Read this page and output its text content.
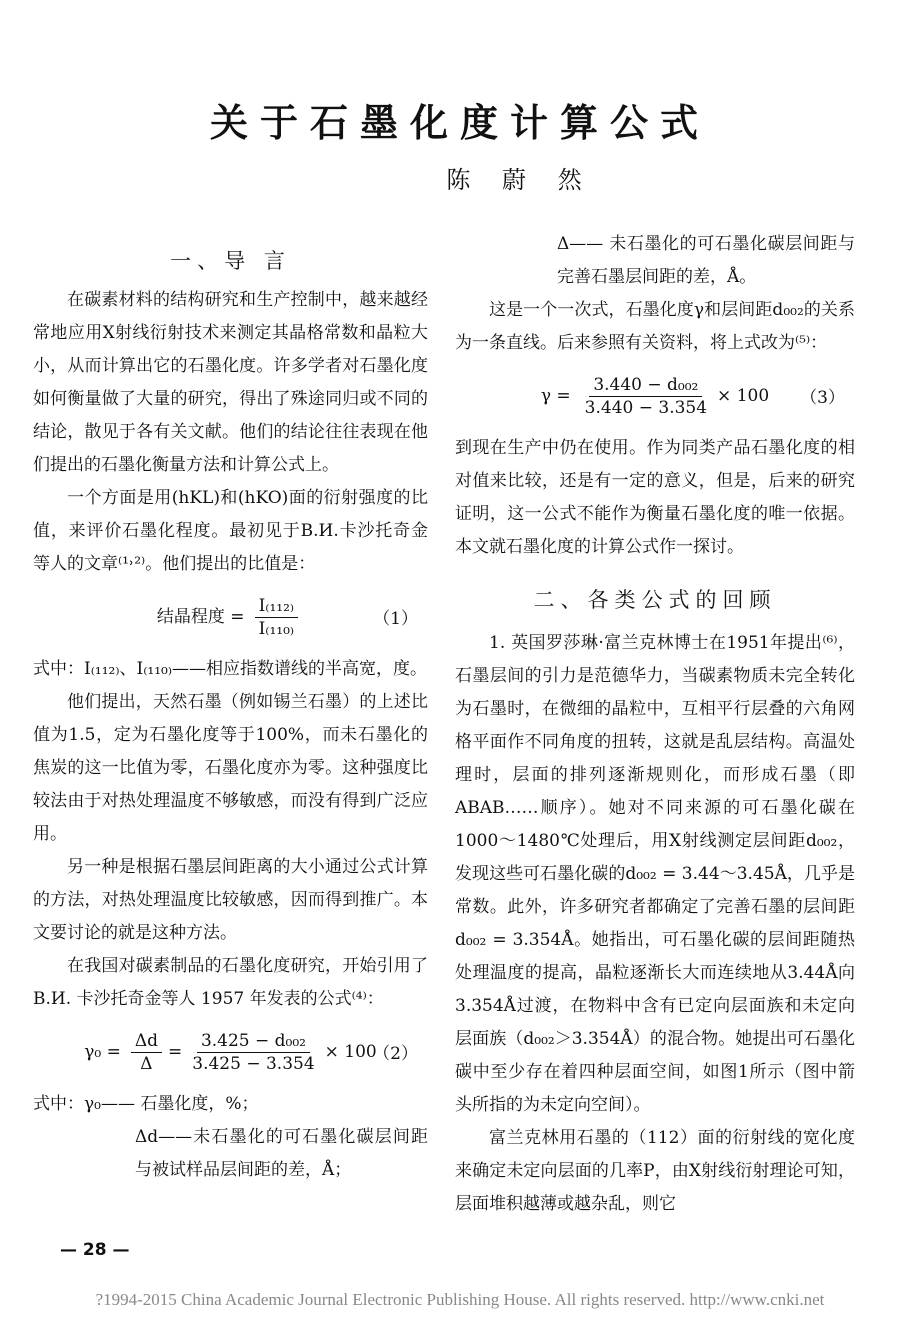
关于石墨化度计算公式
陈 蔚 然
一、导 言

在碳素材料的结构研究和生产控制中，越来越经常地应用X射线衍射技术来测定其晶格常数和晶粒大小，从而计算出它的石墨化度。许多学者对石墨化度如何衡量做了大量的研究，得出了殊途同归或不同的结论，散见于各有关文献。他们的结论往往表现在他们提出的石墨化衡量方法和计算公式上。

一个方面是用(hKL)和(hKO)面的衍射强度的比值，来评价石墨化程度。最初见于B.И.卡沙托奇金等人的文章⁽¹˒²⁾。他们提出的比值是：

结晶程度 = $\frac{\text{I₍₁₁₂₎}}{\text{I₍₁₁₀₎}}$	（1）

式中：I₍₁₁₂₎、I₍₁₁₀₎——相应指数谱线的半高宽，度。

他们提出，天然石墨（例如锡兰石墨）的上述比值为1.5，定为石墨化度等于100%，而未石墨化的焦炭的这一比值为零，石墨化度亦为零。这种强度比较法由于对热处理温度不够敏感，而没有得到广泛应用。

另一种是根据石墨层间距离的大小通过公式计算的方法，对热处理温度比较敏感，因而得到推广。本文要讨论的就是这种方法。

在我国对碳素制品的石墨化度研究，开始引用了 B.И. 卡沙托奇金等人 1957 年发表的公式⁽⁴⁾：

$\gamma_0 = \frac{\Delta d}{\Delta} = \frac{\text{3.425 − d₀₀₂}}{3.425 - 3.354} \times 100$
（2）

式中：γ₀—— 石墨化度，%；

Δd——未石墨化的可石墨化碳层间距与被试样品层间距的差，Å；

Δ—— 未石墨化的可石墨化碳层间距与完善石墨层间距的差，Å。

这是一个一次式，石墨化度γ和层间距d₀₀₂的关系为一条直线。后来参照有关资料，将上式改为⁽⁵⁾：

$\gamma = \frac{\text{3.440 − d₀₀₂}}{3.440 - 3.354} \times 100$ （3）

到现在生产中仍在使用。作为同类产品石墨化度的相对值来比较，还是有一定的意义，但是，后来的研究证明，这一公式不能作为衡量石墨化度的唯一依据。本文就石墨化度的计算公式作一探讨。

二、各类公式的回顾

1. 英国罗莎琳·富兰克林博士在1951年提出⁽⁶⁾，石墨层间的引力是范德华力，当碳素物质未完全转化为石墨时，在微细的晶粒中，互相平行层叠的六角网格平面作不同角度的扭转，这就是乱层结构。高温处理时，层面的排列逐渐规则化，而形成石墨（即ABAB……顺序）。她对不同来源的可石墨化碳在1000～1480℃处理后，用X射线测定层间距d₀₀₂，发现这些可石墨化碳的d₀₀₂ = 3.44～3.45Å，几乎是常数。此外，许多研究者都确定了完善石墨的层间距d₀₀₂ = 3.354Å。她指出，可石墨化碳的层间距随热处理温度的提高，晶粒逐渐长大而连续地从3.44Å向3.354Å过渡，在物料中含有已定向层面族和未定向层面族（d₀₀₂＞3.354Å）的混合物。她提出可石墨化碳中至少存在着四种层面空间，如图1所示（图中箭头所指的为未定向空间）。

富兰克林用石墨的（112）面的衍射线的宽化度来确定未定向层面的几率P，由X射线衍射理论可知，层面堆积越薄或越杂乱，则它

— 28 —
?1994-2015 China Academic Journal Electronic Publishing House. All rights reserved. http://www.cnki.net
